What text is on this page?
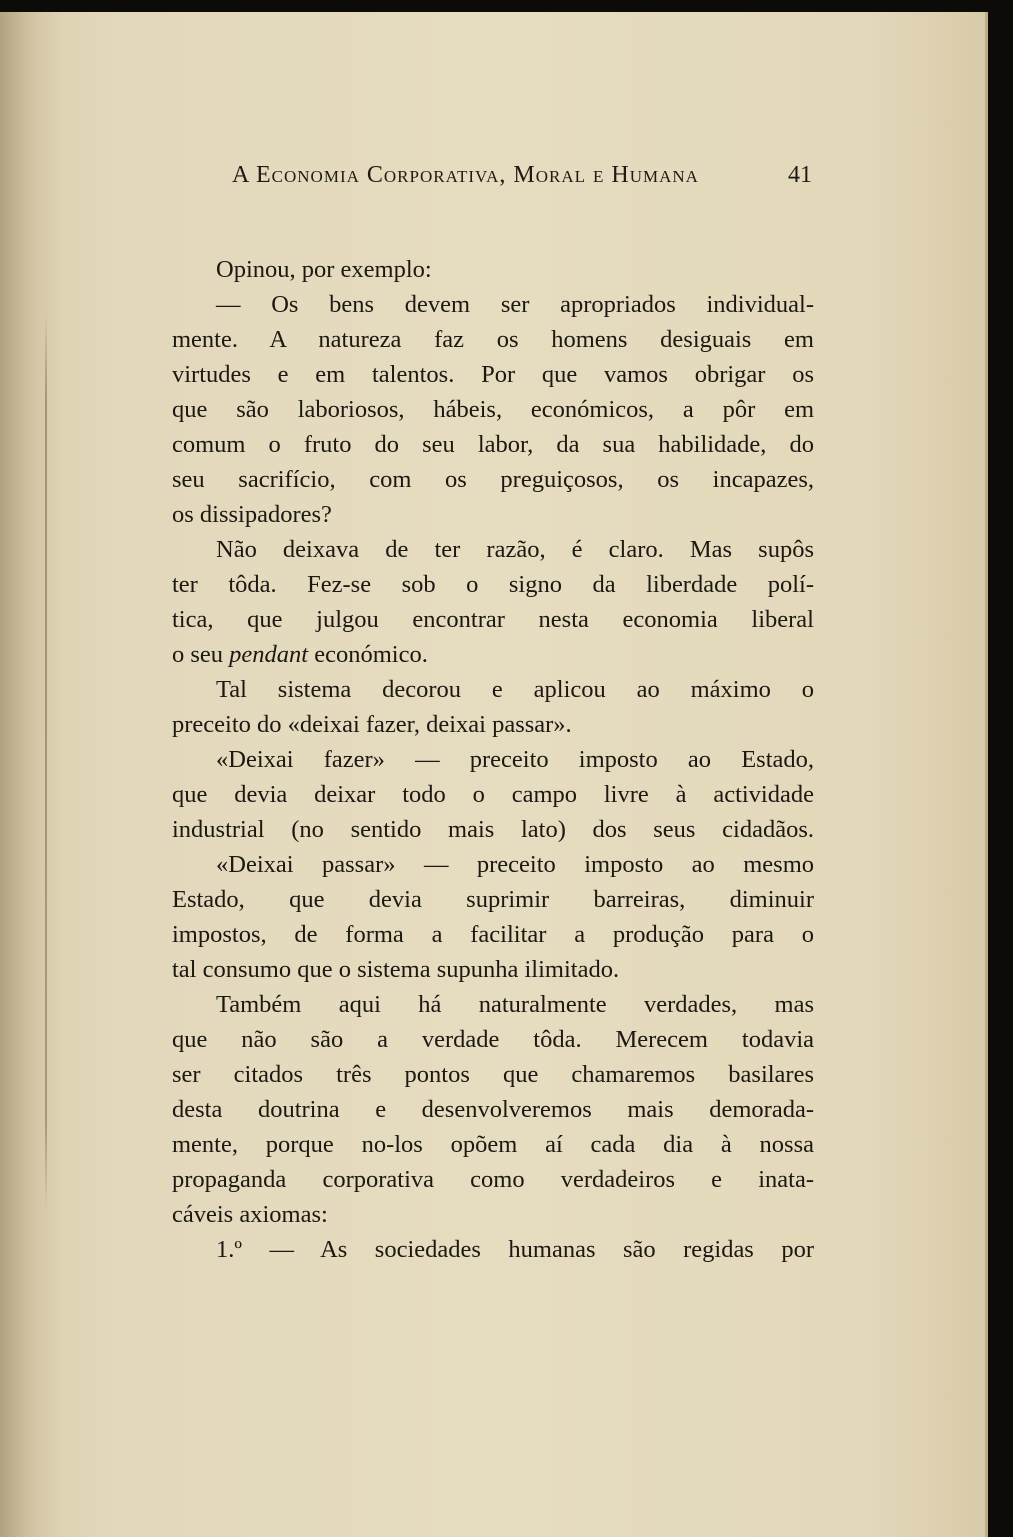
A Economia Corporativa, Moral e Humana	41
Opinou, por exemplo:
— Os bens devem ser apropriados individual-
mente. A natureza faz os homens desiguais em
virtudes e em talentos. Por que vamos obrigar os
que são laboriosos, hábeis, económicos, a pôr em
comum o fruto do seu labor, da sua habilidade, do
seu sacrifício, com os preguiçosos, os incapazes,
os dissipadores?
Não deixava de ter razão, é claro. Mas supôs
ter tôda. Fez-se sob o signo da liberdade polí-
tica, que julgou encontrar nesta economia liberal
o seu pendant económico.
Tal sistema decorou e aplicou ao máximo o
preceito do «deixai fazer, deixai passar».
«Deixai fazer» — preceito imposto ao Estado,
que devia deixar todo o campo livre à actividade
industrial (no sentido mais lato) dos seus cidadãos.
«Deixai passar» — preceito imposto ao mesmo
Estado, que devia suprimir barreiras, diminuir
impostos, de forma a facilitar a produção para o
tal consumo que o sistema supunha ilimitado.
Também aqui há naturalmente verdades, mas
que não são a verdade tôda. Merecem todavia
ser citados três pontos que chamaremos basilares
desta doutrina e desenvolveremos mais demorada-
mente, porque no-los opõem aí cada dia à nossa
propaganda corporativa como verdadeiros e inata-
cáveis axiomas:
1.º — As sociedades humanas são regidas por
